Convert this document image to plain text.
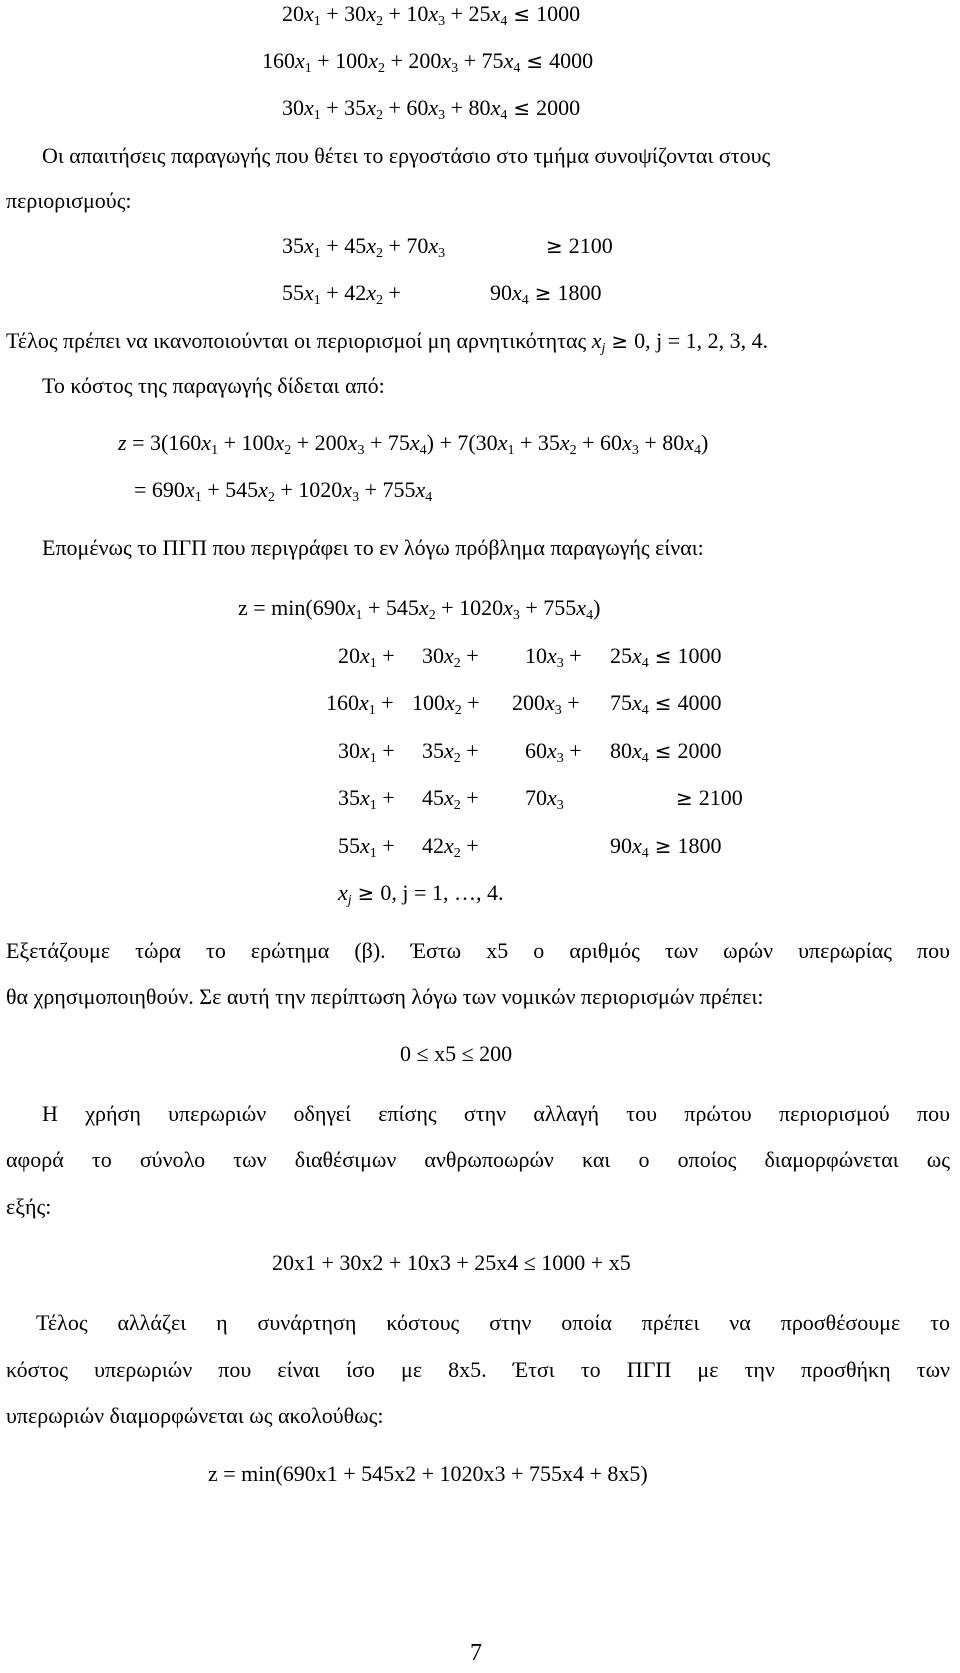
$20x_1 + 30x_2 + 10x_3 + 25x_4 \le 1000$
$160x_1 + 100x_2 + 200x_3 + 75x_4 \le 4000$
$30x_1 + 35x_2 + 60x_3 + 80x_4 \le 2000$
Οι απαιτήσεις παραγωγής που θέτει το εργοστάσιο στο τμήμα συνοψίζονται στους
περιορισμούς:
$35x_1 + 45x_2 + 70x_3$	≥ 2100
$55x_1 + 42x_2$ +	$90x_4 \ge 1800$
Τέλος πρέπει να ικανοποιούνται οι περιορισμοί μη αρνητικότητας $x_j \ge 0$, j = 1, 2, 3, 4.
Το κόστος της παραγωγής δίδεται από:
$z = 3(160x_1 + 100x_2 + 200x_3 + 75x_4) + 7(30x_1 + 35x_2 + 60x_3 + 80x_4)$
= $690x_1 + 545x_2 + 1020x_3 + 755x_4$
Επομένως το ΠΓΠ που περιγράφει το εν λόγω πρόβλημα παραγωγής είναι:
$z = \min(690x_1 + 545x_2 + 1020x_3 + 755x_4)$
$20x_1 + 30x_2 + 10x_3 + 25x_4 \le 1000$
$160x_1 + 100x_2 + 200x_3 + 75x_4 \le 4000$
$30x_1 + 35x_2 + 60x_3 + 80x_4 \le 2000$
$35x_1 + 45x_2 + 70x_3$	≥ 2100
$55x_1 + 42x_2$ +	$90x_4 \ge 1800$
$x_j \ge 0$, j = 1, …, 4.
Εξετάζουμε τώρα το ερώτημα (β). Έστω x5 ο αριθμός των ωρών υπερωρίας που
θα χρησιμοποιηθούν. Σε αυτή την περίπτωση λόγω των νομικών περιορισμών πρέπει:
0 ≤ x5 ≤ 200
Η χρήση υπερωριών οδηγεί επίσης στην αλλαγή του πρώτου περιορισμού που
αφορά το σύνολο των διαθέσιμων ανθρωποωρών και ο οποίος διαμορφώνεται ως
εξής:
20x1 + 30x2 + 10x3 + 25x4 ≤ 1000 + x5
Τέλος αλλάζει η συνάρτηση κόστους στην οποία πρέπει να προσθέσουμε το
κόστος υπερωριών που είναι ίσο με 8x5. Έτσι το ΠΓΠ με την προσθήκη των
υπερωριών διαμορφώνεται ως ακολούθως:
z = min(690x1 + 545x2 + 1020x3 + 755x4 + 8x5)
7
